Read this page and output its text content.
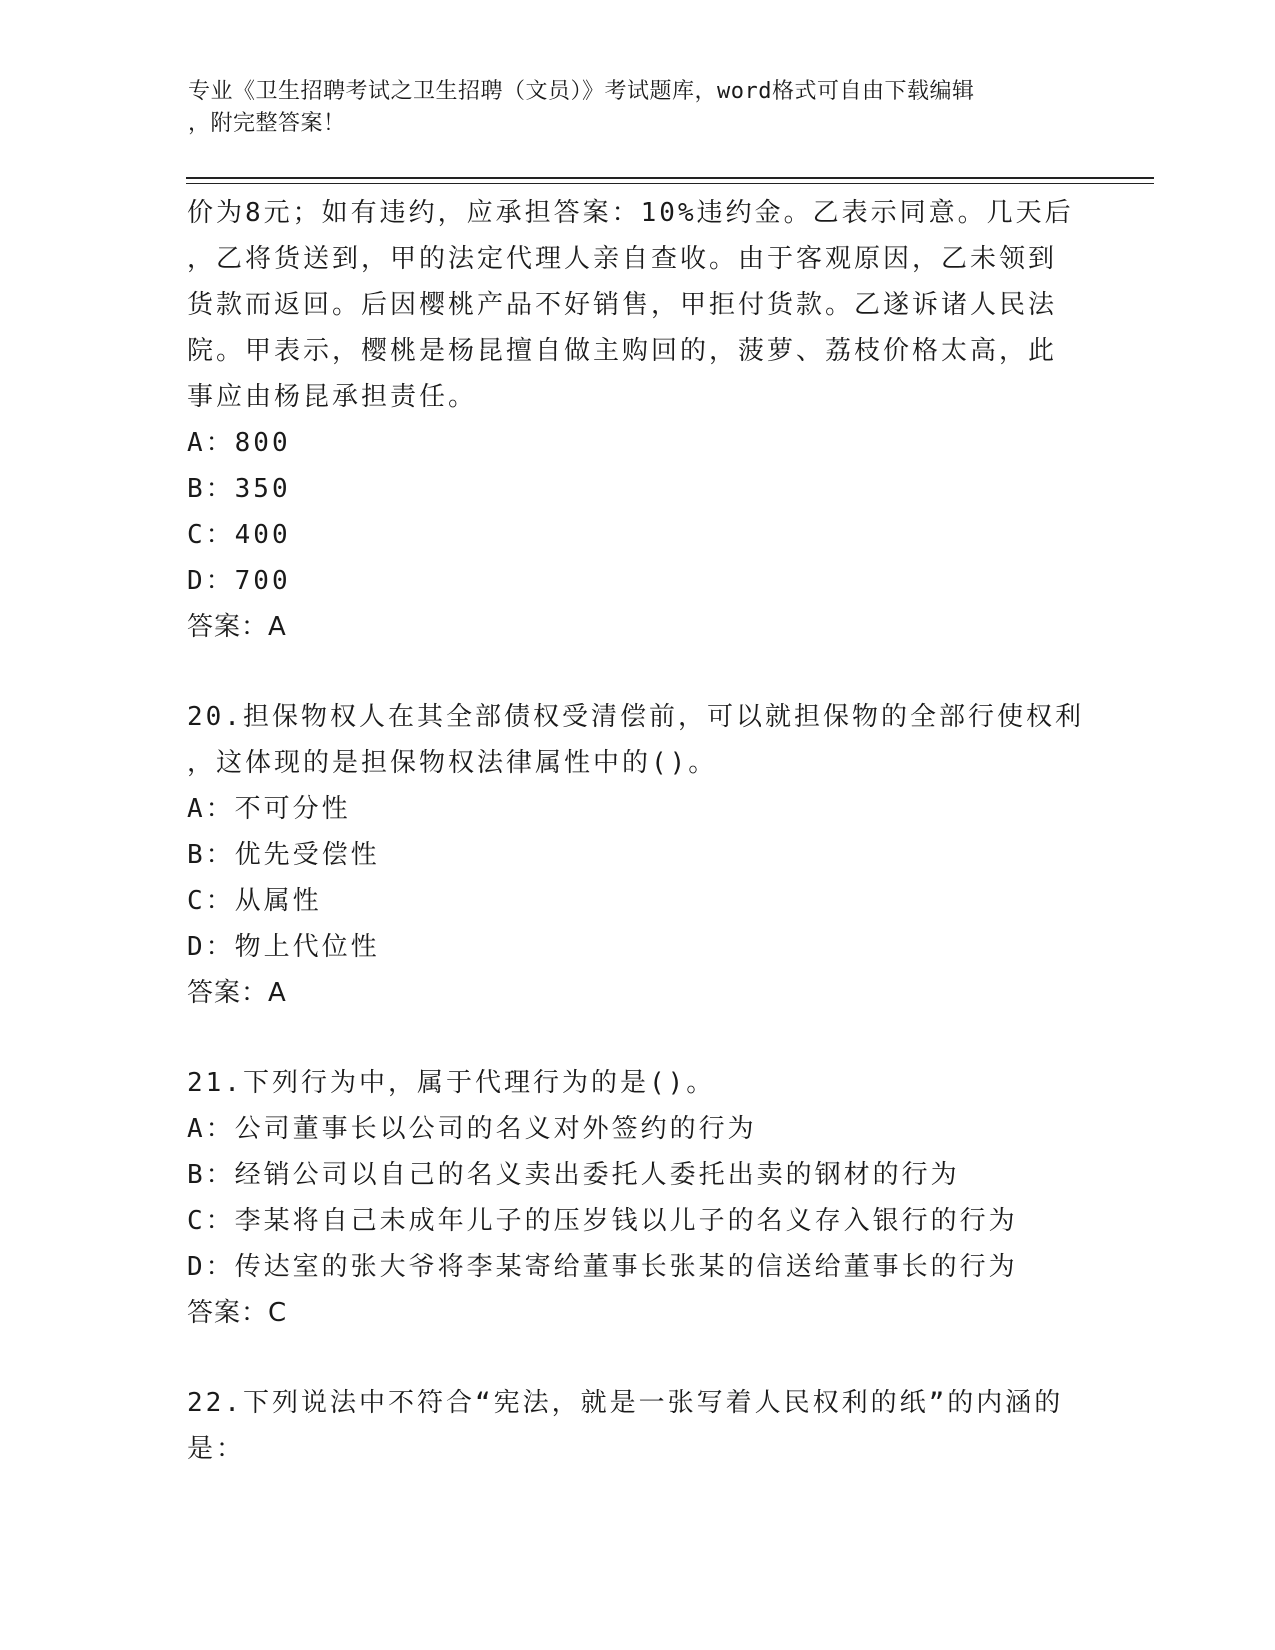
专业《卫生招聘考试之卫生招聘（文员）》考试题库，word格式可自由下载编辑
，附完整答案！
价为8元；如有违约，应承担答案：10%违约金。乙表示同意。几天后
，乙将货送到，甲的法定代理人亲自查收。由于客观原因，乙未领到
货款而返回。后因樱桃产品不好销售，甲拒付货款。乙遂诉诸人民法
院。甲表示，樱桃是杨昆擅自做主购回的，菠萝、荔枝价格太高，此
事应由杨昆承担责任。
A：800
B：350
C：400
D：700
答案：A
20.担保物权人在其全部债权受清偿前，可以就担保物的全部行使权利
，这体现的是担保物权法律属性中的()。
A：不可分性
B：优先受偿性
C：从属性
D：物上代位性
答案：A
21.下列行为中，属于代理行为的是()。
A：公司董事长以公司的名义对外签约的行为
B：经销公司以自己的名义卖出委托人委托出卖的钢材的行为
C：李某将自己未成年儿子的压岁钱以儿子的名义存入银行的行为
D：传达室的张大爷将李某寄给董事长张某的信送给董事长的行为
答案：C
22.下列说法中不符合“宪法，就是一张写着人民权利的纸”的内涵的
是：
